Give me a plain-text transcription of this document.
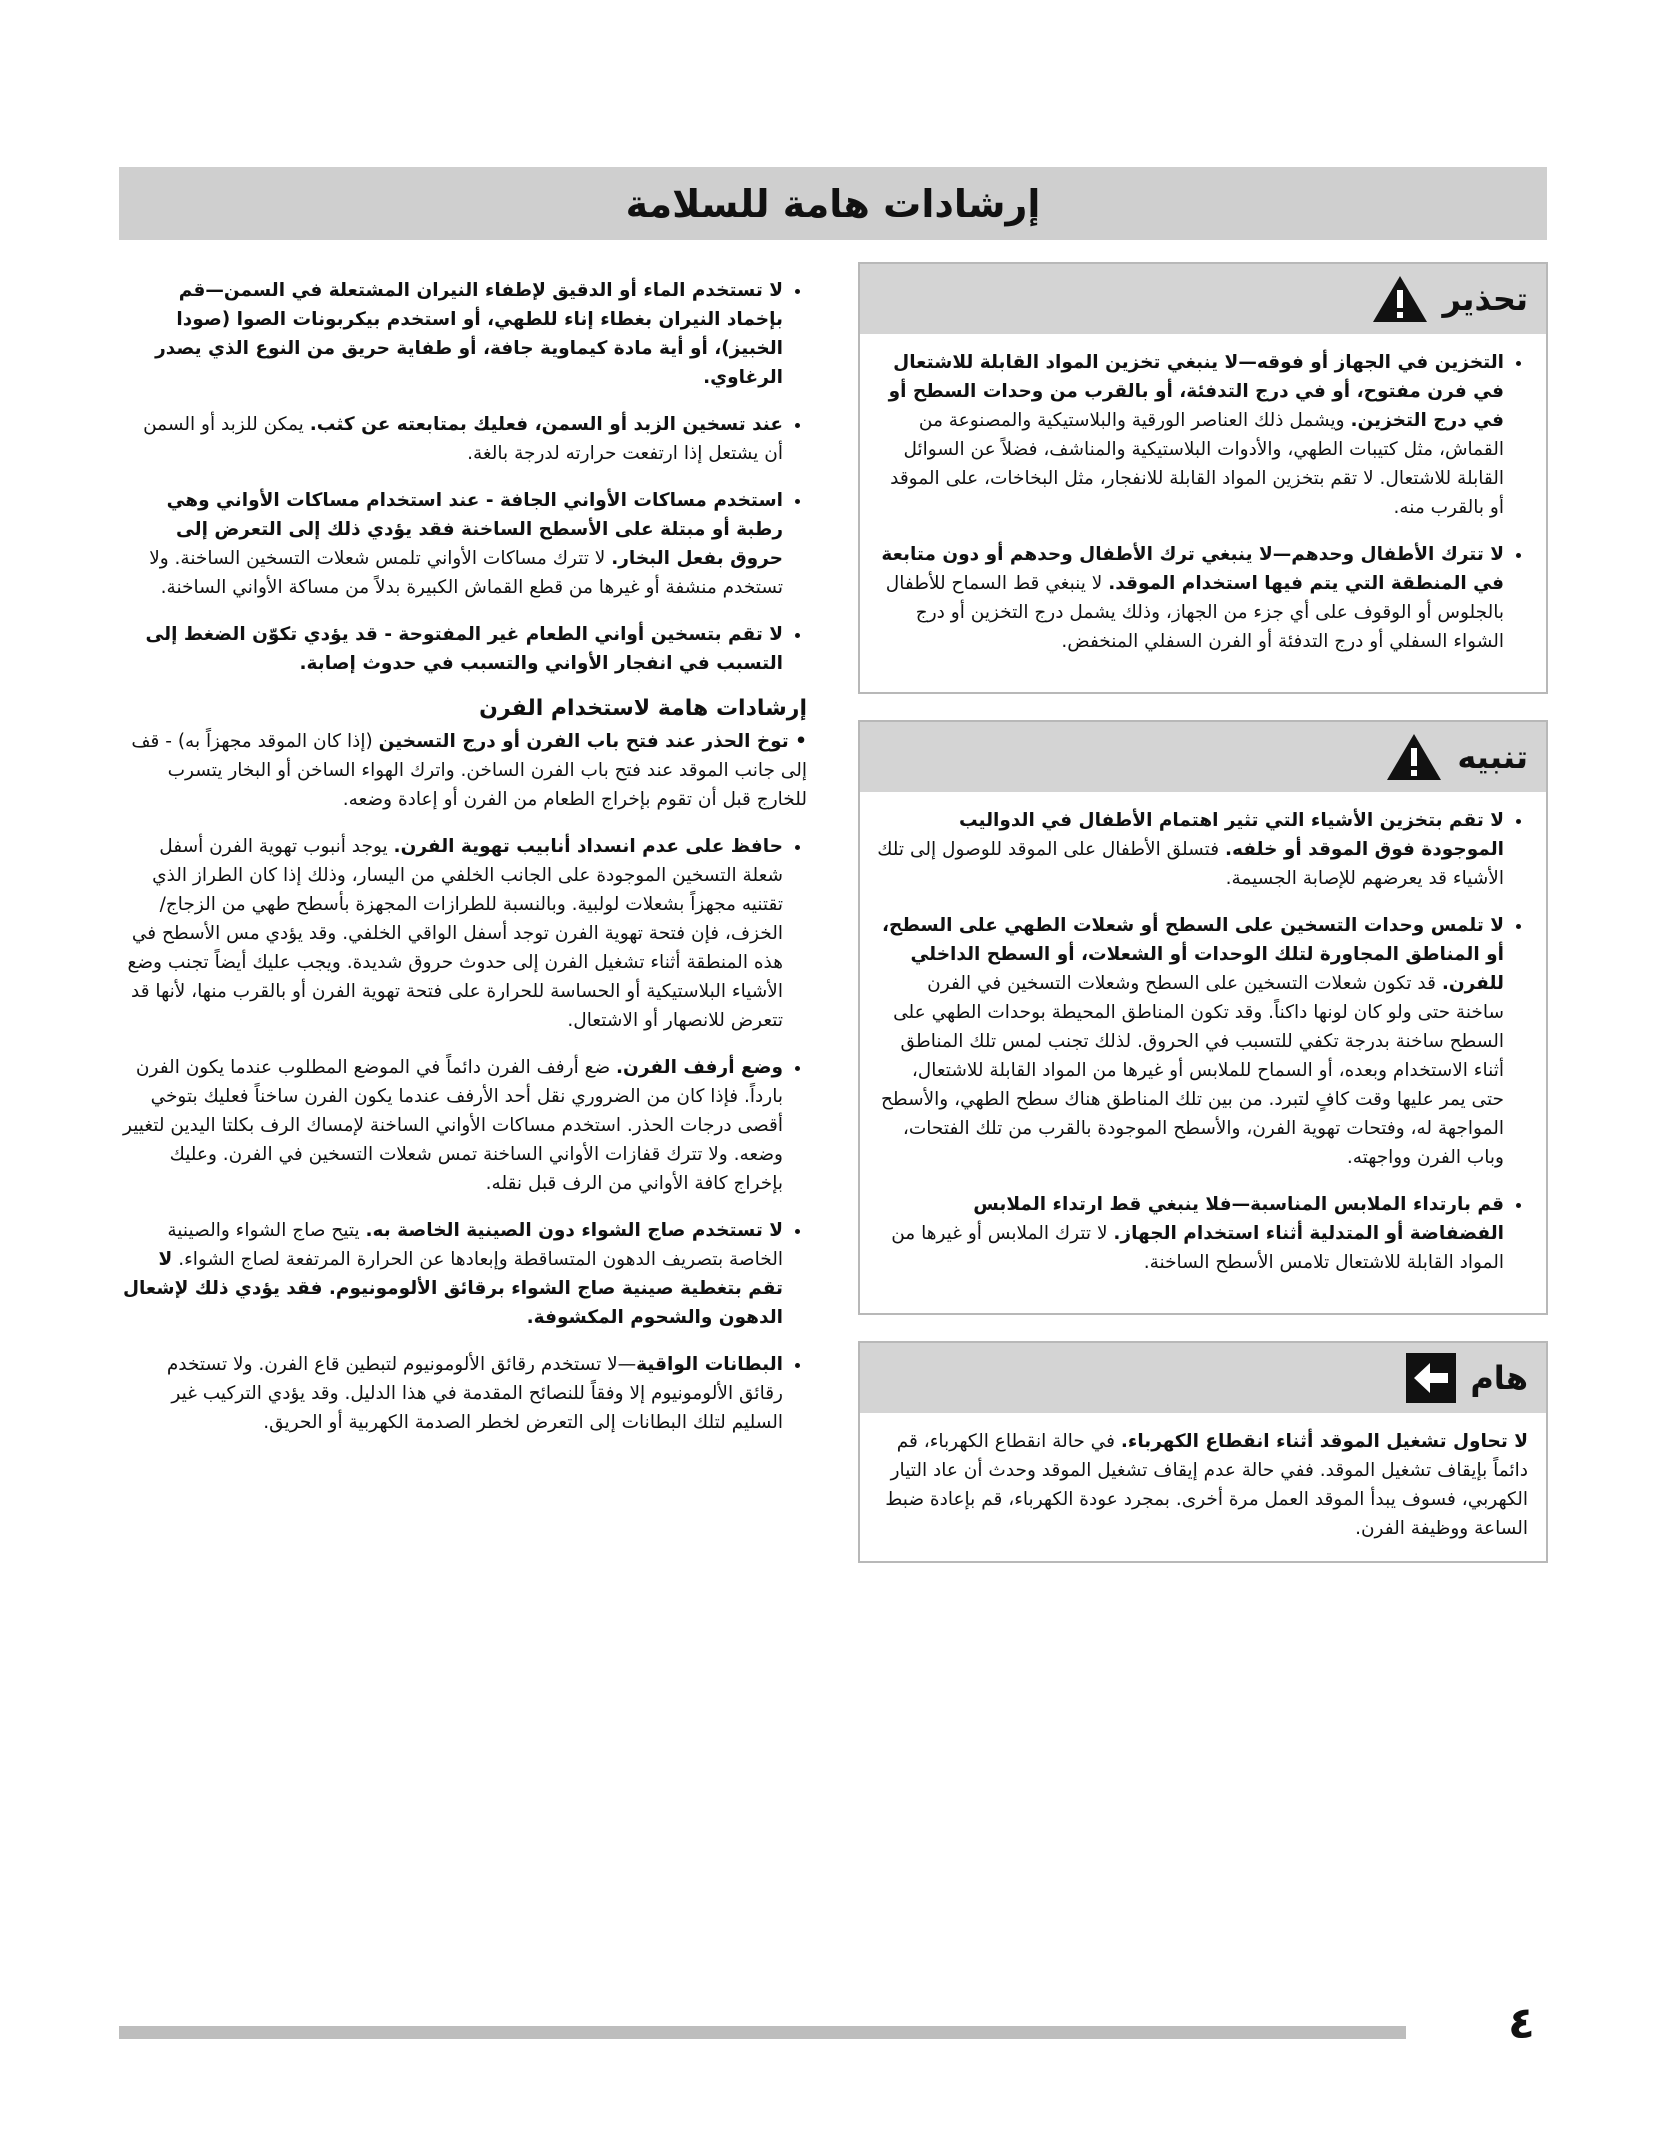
إرشادات هامة للسلامة
تحذير
• التخزين في الجهاز أو فوقه—لا ينبغي تخزين المواد القابلة للاشتعال في فرن مفتوح، أو في درج التدفئة، أو بالقرب من وحدات السطح أو في درج التخزين. ويشمل ذلك العناصر الورقية والبلاستيكية والمصنوعة من القماش، مثل كتيبات الطهي، والأدوات البلاستيكية والمناشف، فضلاً عن السوائل القابلة للاشتعال. لا تقم بتخزين المواد القابلة للانفجار، مثل البخاخات، على الموقد أو بالقرب منه.
• لا تترك الأطفال وحدهم—لا ينبغي ترك الأطفال وحدهم أو دون متابعة في المنطقة التي يتم فيها استخدام الموقد. لا ينبغي قط السماح للأطفال بالجلوس أو الوقوف على أي جزء من الجهاز، وذلك يشمل درج التخزين أو درج الشواء السفلي أو درج التدفئة أو الفرن السفلي المنخفض.
تنبيه
• لا تقم بتخزين الأشياء التي تثير اهتمام الأطفال في الدواليب الموجودة فوق الموقد أو خلفه. فتسلق الأطفال على الموقد للوصول إلى تلك الأشياء قد يعرضهم للإصابة الجسيمة.
• لا تلمس وحدات التسخين على السطح أو شعلات الطهي على السطح، أو المناطق المجاورة لتلك الوحدات أو الشعلات، أو السطح الداخلي للفرن. قد تكون شعلات التسخين على السطح وشعلات التسخين في الفرن ساخنة حتى ولو كان لونها داكناً. وقد تكون المناطق المحيطة بوحدات الطهي على السطح ساخنة بدرجة تكفي للتسبب في الحروق. لذلك تجنب لمس تلك المناطق أثناء الاستخدام وبعده، أو السماح للملابس أو غيرها من المواد القابلة للاشتعال، حتى يمر عليها وقت كافٍ لتبرد. من بين تلك المناطق هناك سطح الطهي، والأسطح المواجهة له، وفتحات تهوية الفرن، والأسطح الموجودة بالقرب من تلك الفتحات، وباب الفرن وواجهته.
• قم بارتداء الملابس المناسبة—فلا ينبغي قط ارتداء الملابس الفضفاضة أو المتدلية أثناء استخدام الجهاز. لا تترك الملابس أو غيرها من المواد القابلة للاشتعال تلامس الأسطح الساخنة.
هام

لا تحاول تشغيل الموقد أثناء انقطاع الكهرباء. في حالة انقطاع الكهرباء، قم دائماً بإيقاف تشغيل الموقد. ففي حالة عدم إيقاف تشغيل الموقد وحدث أن عاد التيار الكهربي، فسوف يبدأ الموقد العمل مرة أخرى. بمجرد عودة الكهرباء، قم بإعادة ضبط الساعة ووظيفة الفرن.

• لا تستخدم الماء أو الدقيق لإطفاء النيران المشتعلة في السمن—قم بإخماد النيران بغطاء إناء للطهي، أو استخدم بيكربونات الصوا (صودا الخبيز)، أو أية مادة كيماوية جافة، أو طفاية حريق من النوع الذي يصدر الرغاوي.
• عند تسخين الزبد أو السمن، فعليك بمتابعته عن كثب. يمكن للزبد أو السمن أن يشتعل إذا ارتفعت حرارته لدرجة بالغة.
• استخدم مساكات الأواني الجافة - عند استخدام مساكات الأواني وهي رطبة أو مبتلة على الأسطح الساخنة فقد يؤدي ذلك إلى التعرض إلى حروق بفعل البخار. لا تترك مساكات الأواني تلمس شعلات التسخين الساخنة. ولا تستخدم منشفة أو غيرها من قطع القماش الكبيرة بدلاً من مساكة الأواني الساخنة.
• لا تقم بتسخين أواني الطعام غير المفتوحة - قد يؤدي تكوّن الضغط إلى التسبب في انفجار الأواني والتسبب في حدوث إصابة.
إرشادات هامة لاستخدام الفرن
• توخ الحذر عند فتح باب الفرن أو درج التسخين (إذا كان الموقد مجهزاً به) - قف إلى جانب الموقد عند فتح باب الفرن الساخن. واترك الهواء الساخن أو البخار يتسرب للخارج قبل أن تقوم بإخراج الطعام من الفرن أو إعادة وضعه.
• حافظ على عدم انسداد أنابيب تهوية الفرن. يوجد أنبوب تهوية الفرن أسفل شعلة التسخين الموجودة على الجانب الخلفي من اليسار، وذلك إذا كان الطراز الذي تقتنيه مجهزاً بشعلات لولبية. وبالنسبة للطرازات المجهزة بأسطح طهي من الزجاج/الخزف، فإن فتحة تهوية الفرن توجد أسفل الواقي الخلفي. وقد يؤدي مس الأسطح في هذه المنطقة أثناء تشغيل الفرن إلى حدوث حروق شديدة. ويجب عليك أيضاً تجنب وضع الأشياء البلاستيكية أو الحساسة للحرارة على فتحة تهوية الفرن أو بالقرب منها، لأنها قد تتعرض للانصهار أو الاشتعال.
• وضع أرفف الفرن. ضع أرفف الفرن دائماً في الموضع المطلوب عندما يكون الفرن بارداً. فإذا كان من الضروري نقل أحد الأرفف عندما يكون الفرن ساخناً فعليك بتوخي أقصى درجات الحذر. استخدم مساكات الأواني الساخنة لإمساك الرف بكلتا اليدين لتغيير وضعه. ولا تترك قفازات الأواني الساخنة تمس شعلات التسخين في الفرن. وعليك بإخراج كافة الأواني من الرف قبل نقله.
• لا تستخدم صاج الشواء دون الصينية الخاصة به. يتيح صاج الشواء والصينية الخاصة بتصريف الدهون المتساقطة وإبعادها عن الحرارة المرتفعة لصاج الشواء. لا تقم بتغطية صينية صاج الشواء برقائق الألومونيوم. فقد يؤدي ذلك لإشعال الدهون والشحوم المكشوفة.
• البطانات الواقية—لا تستخدم رقائق الألومونيوم لتبطين قاع الفرن. ولا تستخدم رقائق الألومونيوم إلا وفقاً للنصائح المقدمة في هذا الدليل. وقد يؤدي التركيب غير السليم لتلك البطانات إلى التعرض لخطر الصدمة الكهربية أو الحريق.
٤
